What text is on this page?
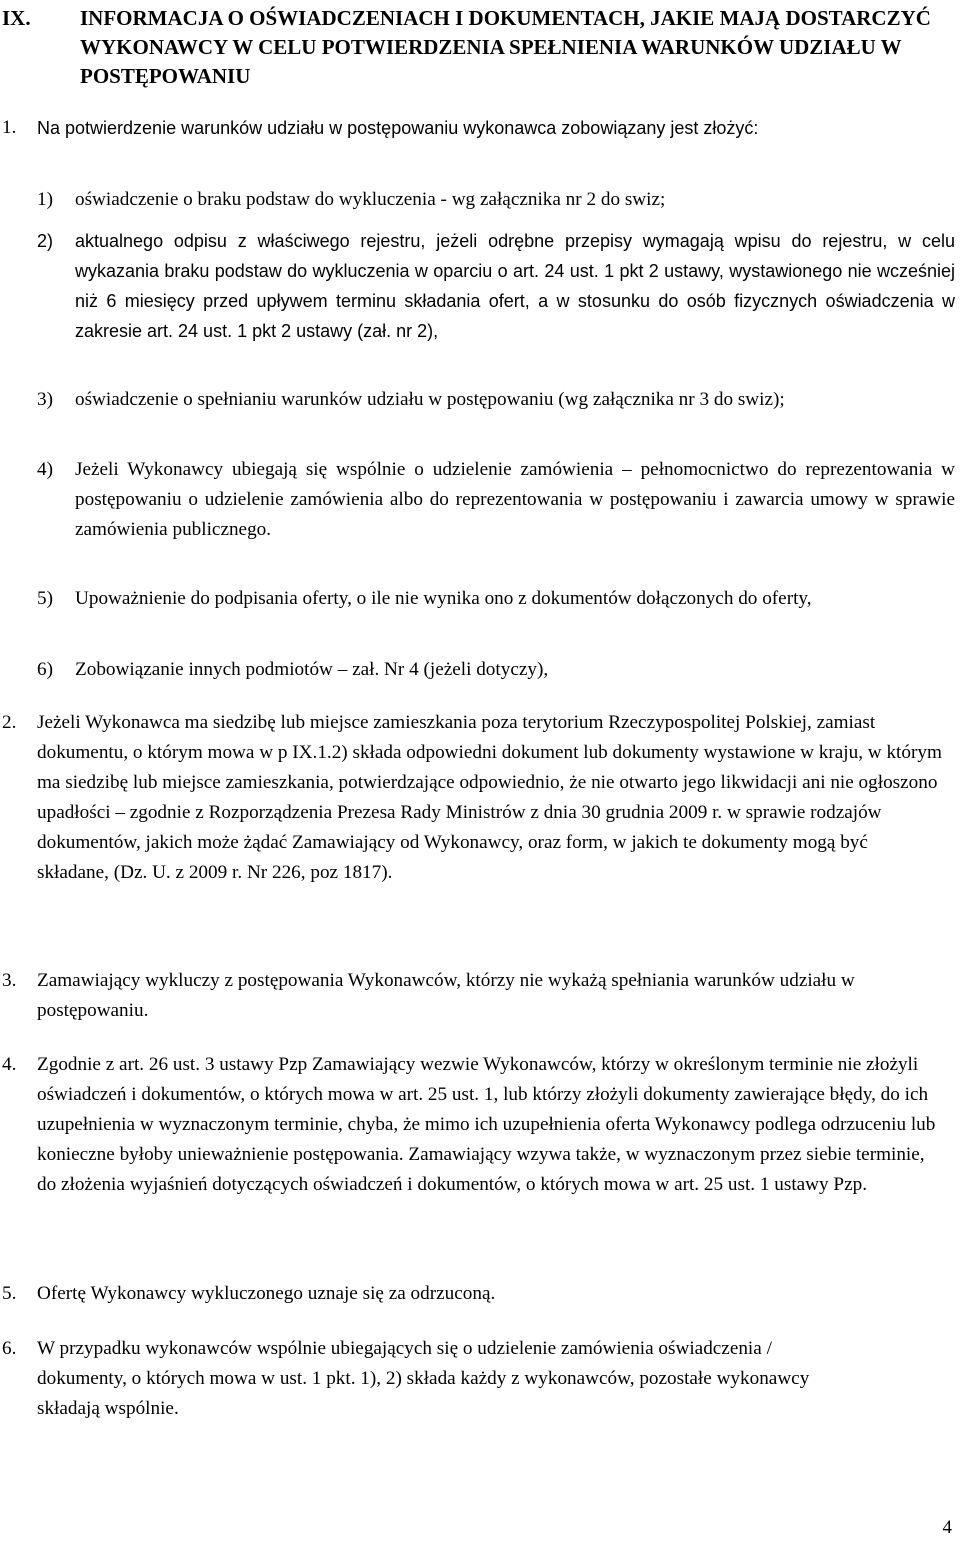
IX. INFORMACJA O OŚWIADCZENIACH I DOKUMENTACH, JAKIE MAJĄ DOSTARCZYĆ WYKONAWCY W CELU POTWIERDZENIA SPEŁNIENIA WARUNKÓW UDZIAŁU W POSTĘPOWANIU
1. Na potwierdzenie warunków udziału w postępowaniu wykonawca zobowiązany jest złożyć:
1) oświadczenie o braku podstaw do wykluczenia - wg załącznika nr 2 do swiz;
2) aktualnego odpisu z właściwego rejestru, jeżeli odrębne przepisy wymagają wpisu do rejestru, w celu wykazania braku podstaw do wykluczenia w oparciu o art. 24 ust. 1 pkt 2 ustawy, wystawionego nie wcześniej niż 6 miesięcy przed upływem terminu składania ofert, a w stosunku do osób fizycznych oświadczenia w zakresie art. 24 ust. 1 pkt 2 ustawy (zał. nr 2),
3) oświadczenie o spełnianiu warunków udziału w postępowaniu (wg załącznika nr 3 do swiz);
4) Jeżeli Wykonawcy ubiegają się wspólnie o udzielenie zamówienia – pełnomocnictwo do reprezentowania w postępowaniu o udzielenie zamówienia albo do reprezentowania w postępowaniu i zawarcia umowy w sprawie zamówienia publicznego.
5) Upoważnienie do podpisania oferty, o ile nie wynika ono z dokumentów dołączonych do oferty,
6) Zobowiązanie innych podmiotów – zał. Nr 4 (jeżeli dotyczy),
2. Jeżeli Wykonawca ma siedzibę lub miejsce zamieszkania poza terytorium Rzeczypospolitej Polskiej, zamiast dokumentu, o którym mowa w p IX.1.2) składa odpowiedni dokument lub dokumenty wystawione w kraju, w którym ma siedzibę lub miejsce zamieszkania, potwierdzające odpowiednio, że nie otwarto jego likwidacji ani nie ogłoszono upadłości – zgodnie z Rozporządzenia Prezesa Rady Ministrów z dnia 30 grudnia 2009 r. w sprawie rodzajów dokumentów, jakich może żądać Zamawiający od Wykonawcy, oraz form, w jakich te dokumenty mogą być składane, (Dz. U. z 2009 r. Nr 226, poz 1817).
3. Zamawiający wykluczy z postępowania Wykonawców, którzy nie wykażą spełniania warunków udziału w postępowaniu.
4. Zgodnie z art. 26 ust. 3 ustawy Pzp Zamawiający wezwie Wykonawców, którzy w określonym terminie nie złożyli oświadczeń i dokumentów, o których mowa w art. 25 ust. 1, lub którzy złożyli dokumenty zawierające błędy, do ich uzupełnienia w wyznaczonym terminie, chyba, że mimo ich uzupełnienia oferta Wykonawcy podlega odrzuceniu lub konieczne byłoby unieważnienie postępowania. Zamawiający wzywa także, w wyznaczonym przez siebie terminie, do złożenia wyjaśnień dotyczących oświadczeń i dokumentów, o których mowa w art. 25 ust. 1 ustawy Pzp.
5. Ofertę Wykonawcy wykluczonego uznaje się za odrzuconą.
6. W przypadku wykonawców wspólnie ubiegających się o udzielenie zamówienia oświadczenia / dokumenty, o których mowa w ust. 1 pkt. 1), 2) składa każdy z wykonawców, pozostałe wykonawcy składają wspólnie.
4
